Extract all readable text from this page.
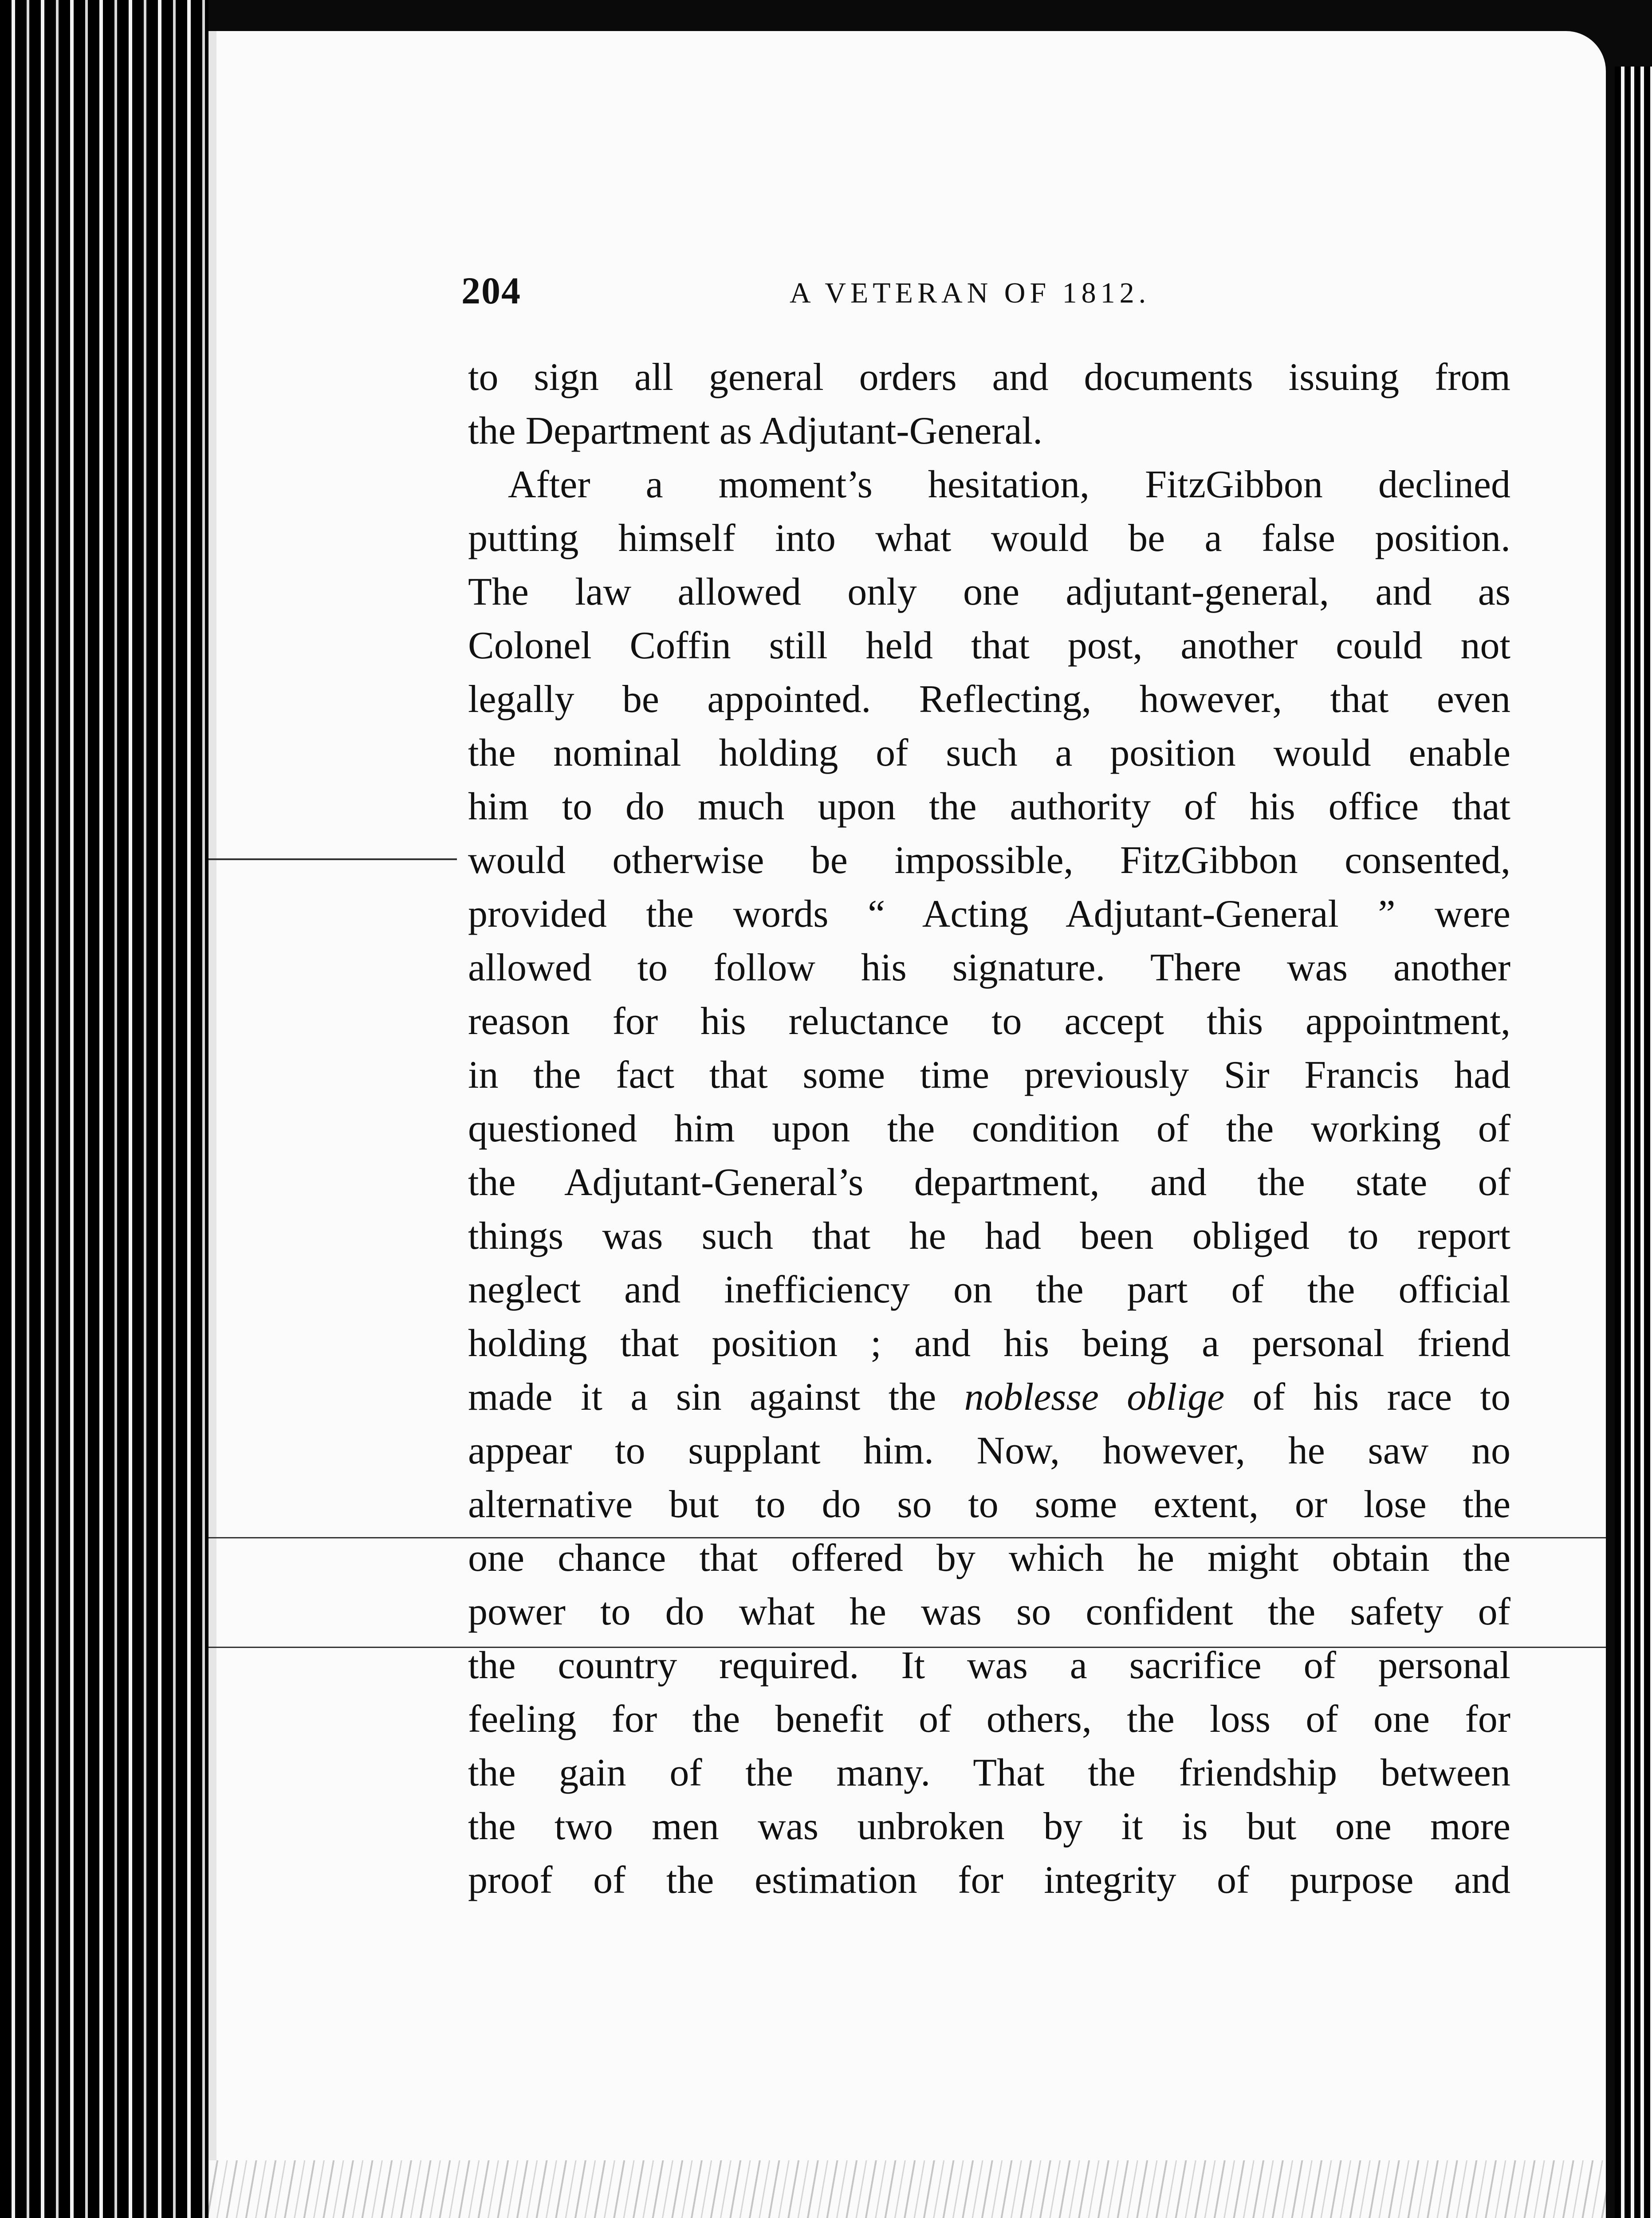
204	A VETERAN OF 1812.
to sign all general orders and documents issuing from
the Department as Adjutant-General.
After a moment’s hesitation, FitzGibbon declined
putting himself into what would be a false position.
The law allowed only one adjutant-general, and as
Colonel Coffin still held that post, another could not
legally be appointed. Reflecting, however, that even
the nominal holding of such a position would enable
him to do much upon the authority of his office that
would otherwise be impossible, FitzGibbon consented,
provided the words “ Acting Adjutant-General ” were
allowed to follow his signature. There was another
reason for his reluctance to accept this appointment,
in the fact that some time previously Sir Francis had
questioned him upon the condition of the working of
the Adjutant-General’s department, and the state of
things was such that he had been obliged to report
neglect and inefficiency on the part of the official
holding that position ; and his being a personal friend
made it a sin against the noblesse oblige of his race to
appear to supplant him. Now, however, he saw no
alternative but to do so to some extent, or lose the
one chance that offered by which he might obtain the
power to do what he was so confident the safety of
the country required. It was a sacrifice of personal
feeling for the benefit of others, the loss of one for
the gain of the many. That the friendship between
the two men was unbroken by it is but one more
proof of the estimation for integrity of purpose and
